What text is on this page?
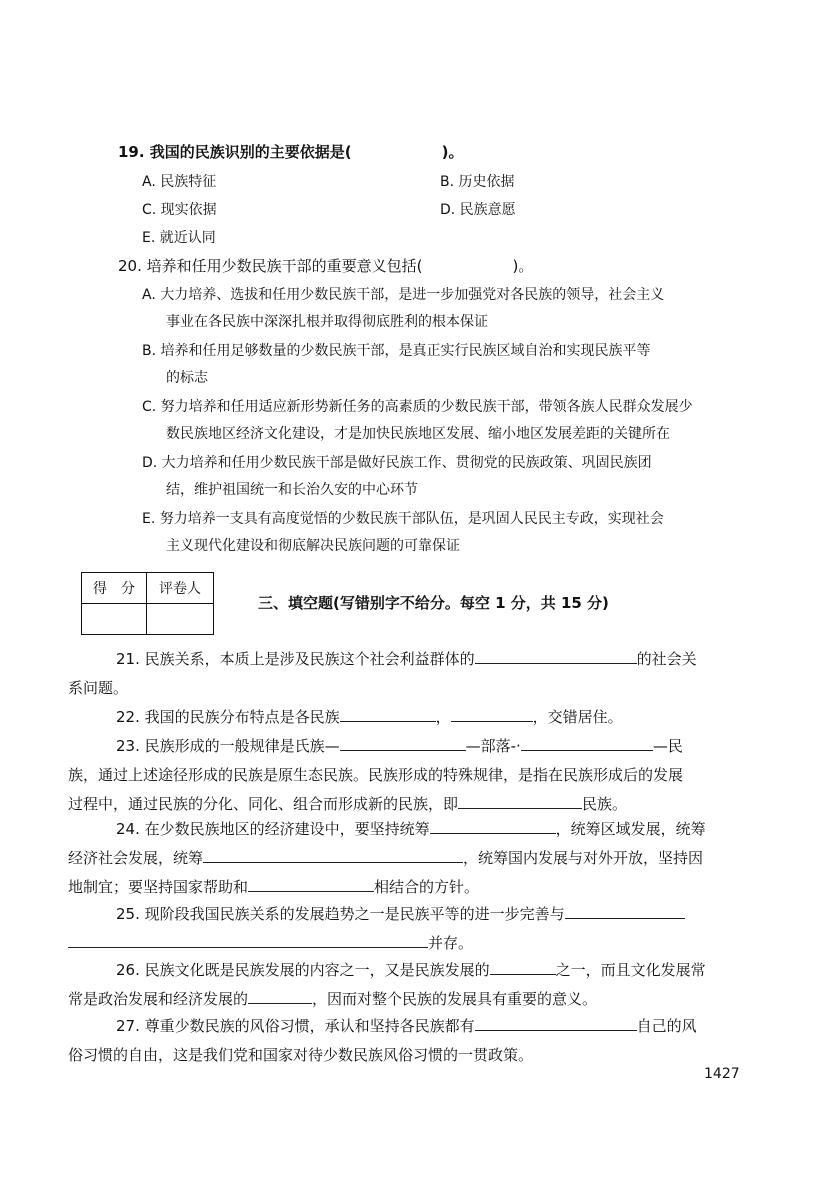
19. 我国的民族识别的主要依据是(	)。
A. 民族特征	B. 历史依据
C. 现实依据	D. 民族意愿
E. 就近认同
20. 培养和任用少数民族干部的重要意义包括(	)。
A. 大力培养、选拔和任用少数民族干部，是进一步加强党对各民族的领导，社会主义
事业在各民族中深深扎根并取得彻底胜利的根本保证
B. 培养和任用足够数量的少数民族干部，是真正实行民族区域自治和实现民族平等
的标志
C. 努力培养和任用适应新形势新任务的高素质的少数民族干部，带领各族人民群众发展少
数民族地区经济文化建设，才是加快民族地区发展、缩小地区发展差距的关键所在
D. 大力培养和任用少数民族干部是做好民族工作、贯彻党的民族政策、巩固民族团
结，维护祖国统一和长治久安的中心环节
E. 努力培养一支具有高度觉悟的少数民族干部队伍，是巩固人民民主专政，实现社会
主义现代化建设和彻底解决民族问题的可靠保证
得　分	评卷人

三、填空题(写错别字不给分。每空 1 分，共 15 分)
21. 民族关系，本质上是涉及民族这个社会利益群体的	的社会关
系问题。
22. 我国的民族分布特点是各民族	，	，交错居住。
23. 民族形成的一般规律是氏族—	—部落-·	—民
族，通过上述途径形成的民族是原生态民族。民族形成的特殊规律，是指在民族形成后的发展
过程中，通过民族的分化、同化、组合而形成新的民族，即	民族。
24. 在少数民族地区的经济建设中，要坚持统筹	，统筹区域发展，统筹
经济社会发展，统筹	，统筹国内发展与对外开放，坚持因
地制宜；要坚持国家帮助和	相结合的方针。
25. 现阶段我国民族关系的发展趋势之一是民族平等的进一步完善与
并存。
26. 民族文化既是民族发展的内容之一，又是民族发展的	之一，而且文化发展常
常是政治发展和经济发展的	，因而对整个民族的发展具有重要的意义。
27. 尊重少数民族的风俗习惯，承认和坚持各民族都有	自己的风
俗习惯的自由，这是我们党和国家对待少数民族风俗习惯的一贯政策。
1427
